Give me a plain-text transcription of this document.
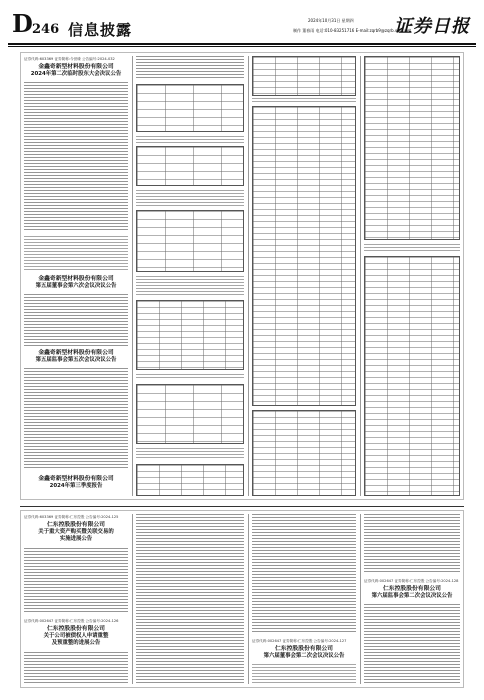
D 246 信息披露
2024年10月31日 星期四
制作 董春雨 电话:010-83251716 E-mail:zqrb9@zqrb.sina.net
证券日报
证券代码:603369 证券简称:今世缘 公告编号:2024-032
金鑫奇新型材料股份有限公司
2024年第二次临时股东大会决议公告
金鑫奇新型材料股份有限公司
第五届董事会第六次会议决议公告
金鑫奇新型材料股份有限公司
第五届监事会第五次会议决议公告
金鑫奇新型材料股份有限公司
2024年第三季度报告
证券代码:603369 证券简称:仁东控股 公告编号:2024-125
仁东控股股份有限公司
关于重大资产购买暨关联交易的
实施进展公告
证券代码:002647 证券简称:仁东控股 公告编号:2024-126
仁东控股股份有限公司
关于公司被债权人申请重整
及预重整的进展公告	证券代码:002647 证券简称:仁东控股 公告编号:2024-127
仁东控股股份有限公司
第六届董事会第二次会议决议公告
证券代码:002647 证券简称:仁东控股 公告编号:2024-128
仁东控股股份有限公司
第六届监事会第二次会议决议公告
